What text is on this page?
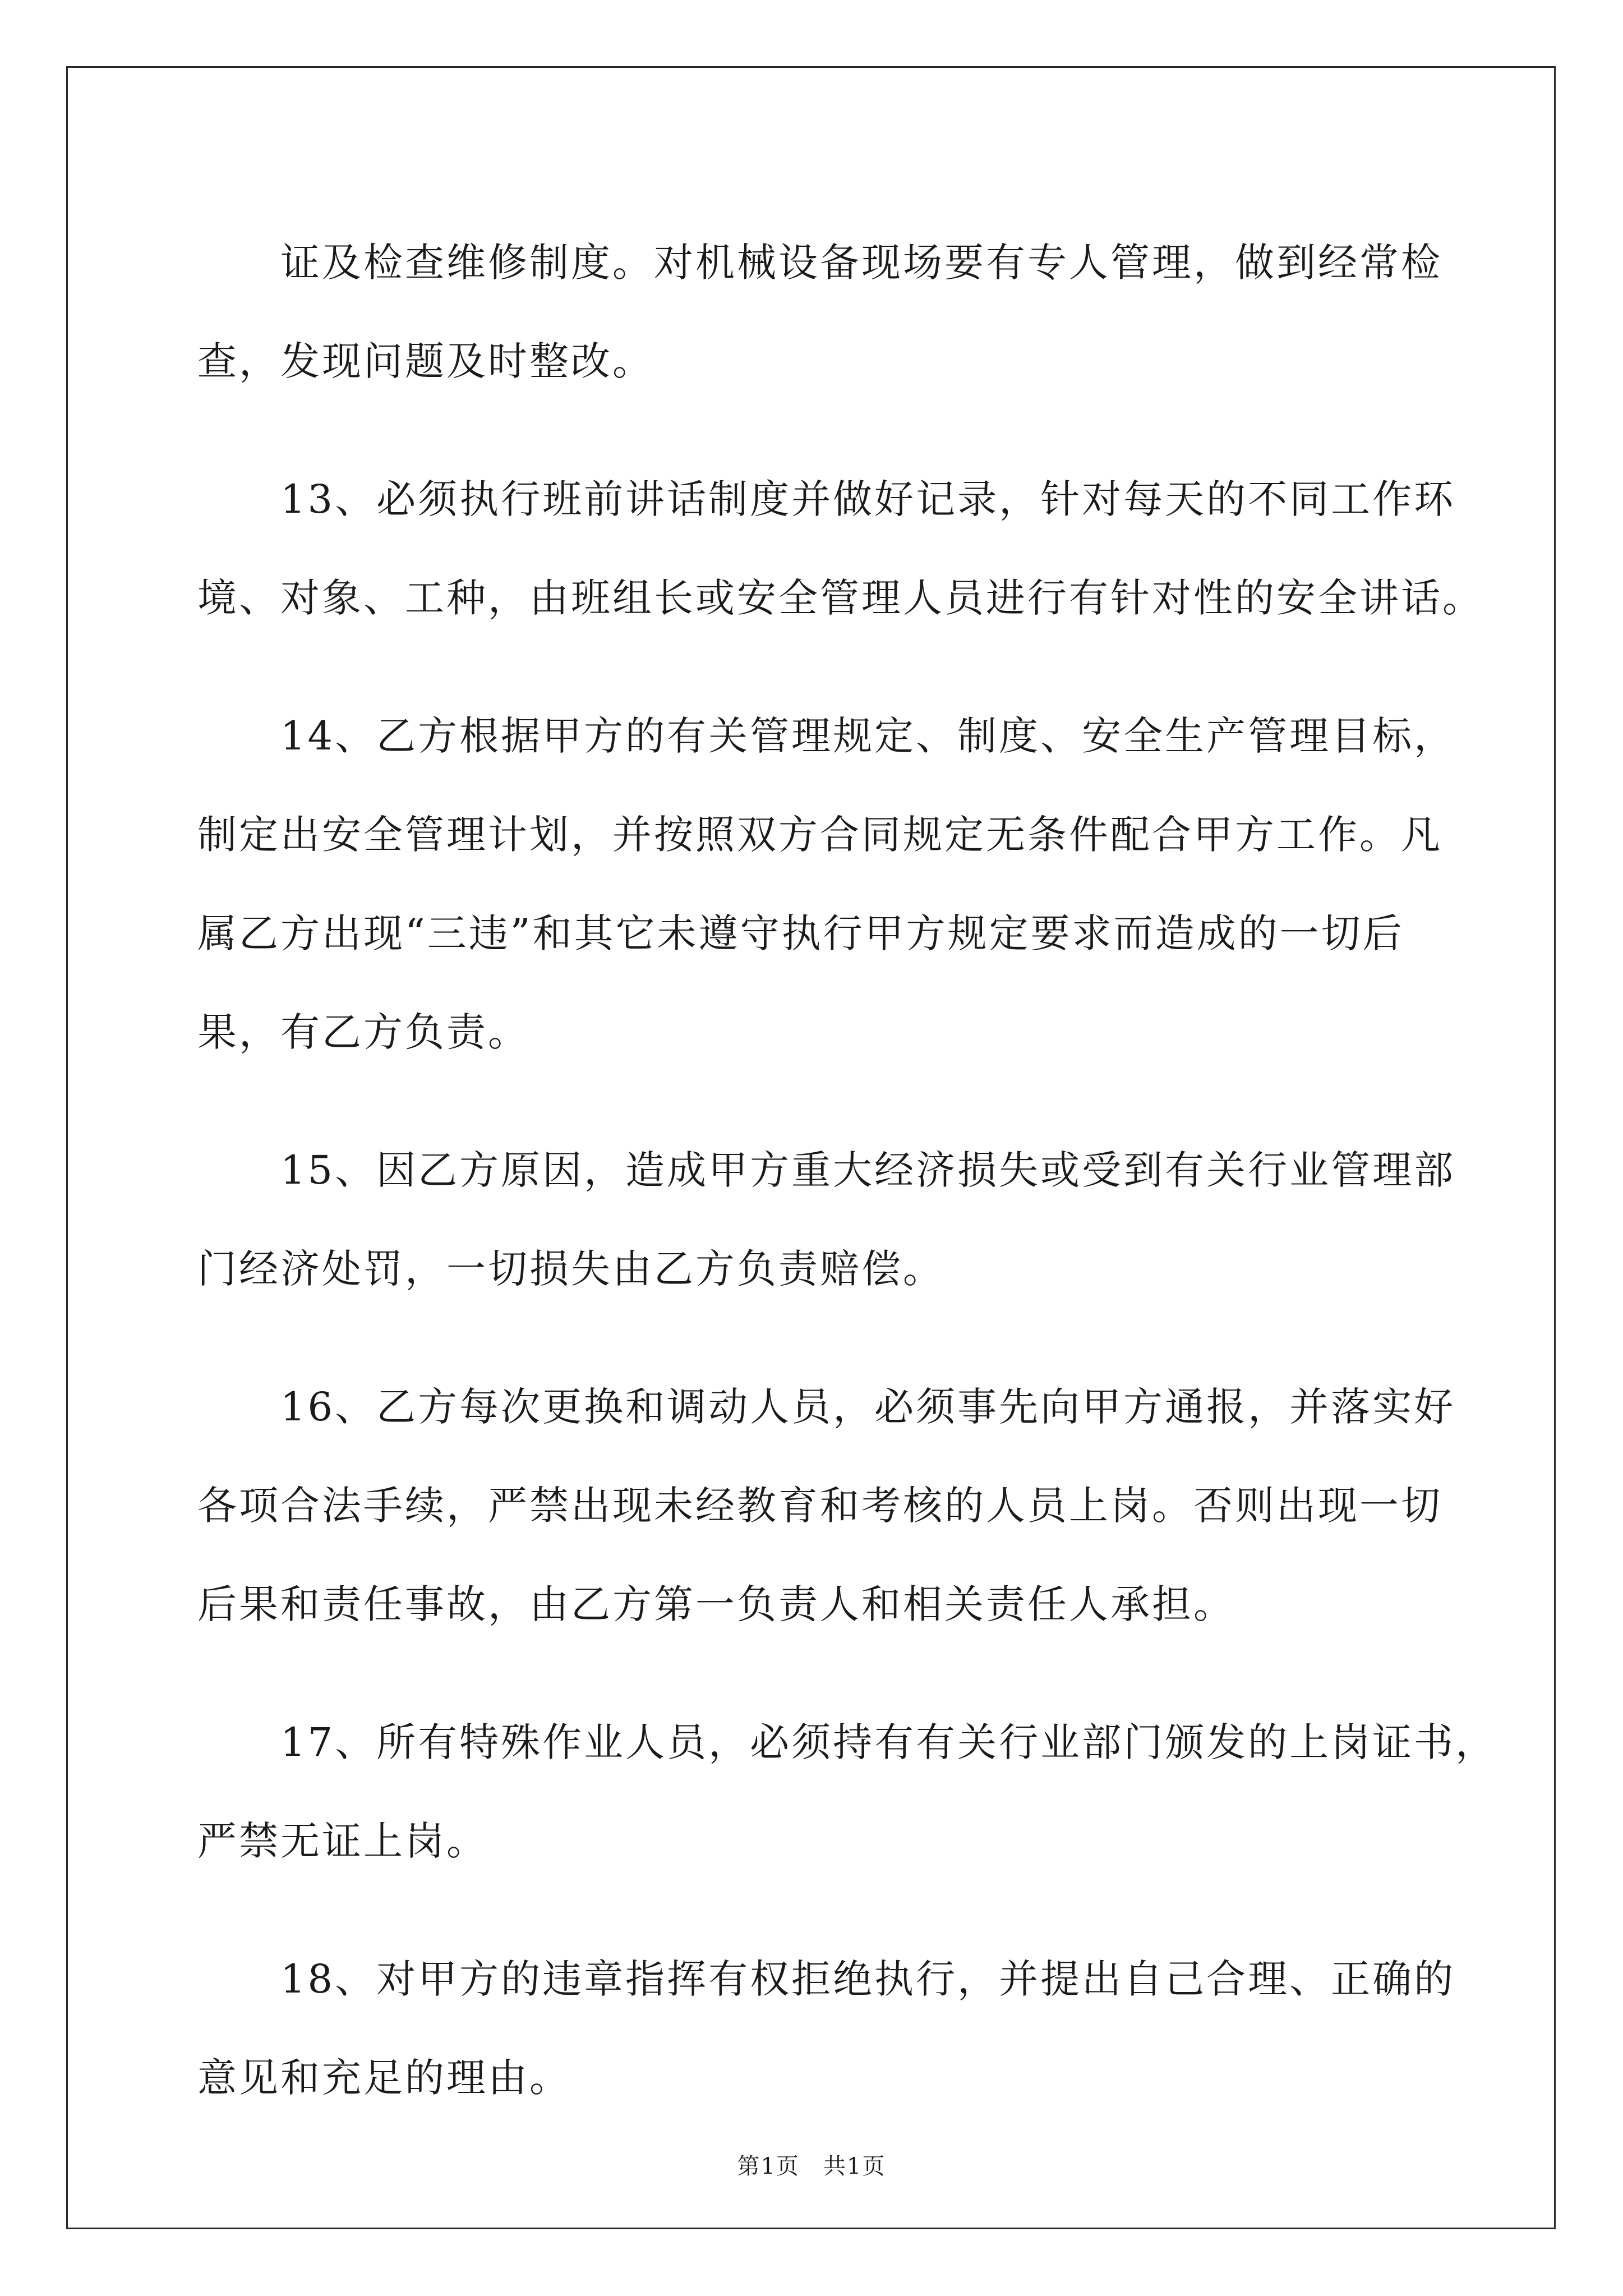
证及检查维修制度。对机械设备现场要有专人管理，做到经常检
查，发现问题及时整改。

13、必须执行班前讲话制度并做好记录，针对每天的不同工作环
境、对象、工种，由班组长或安全管理人员进行有针对性的安全讲话。

14、乙方根据甲方的有关管理规定、制度、安全生产管理目标，
制定出安全管理计划，并按照双方合同规定无条件配合甲方工作。凡
属乙方出现“三违”和其它未遵守执行甲方规定要求而造成的一切后
果，有乙方负责。

15、因乙方原因，造成甲方重大经济损失或受到有关行业管理部
门经济处罚，一切损失由乙方负责赔偿。

16、乙方每次更换和调动人员，必须事先向甲方通报，并落实好
各项合法手续，严禁出现未经教育和考核的人员上岗。否则出现一切
后果和责任事故，由乙方第一负责人和相关责任人承担。

17、所有特殊作业人员，必须持有有关行业部门颁发的上岗证书，
严禁无证上岗。

18、对甲方的违章指挥有权拒绝执行，并提出自己合理、正确的
意见和充足的理由。

第1页　共1页
